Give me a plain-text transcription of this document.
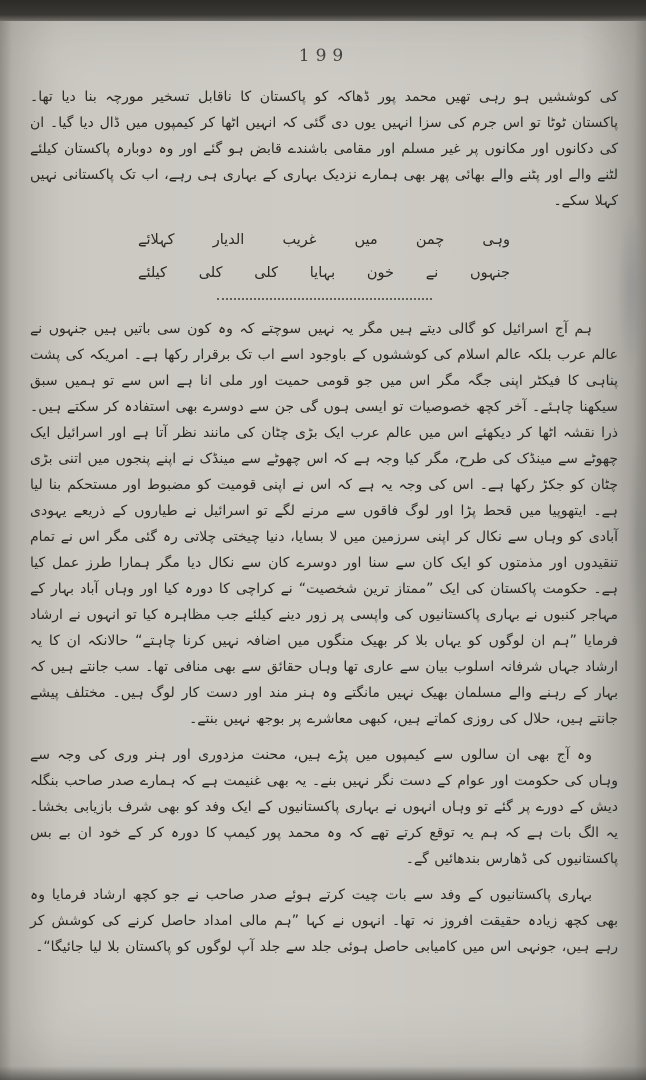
199

کی کوششیں ہو رہی تھیں محمد پور ڈھاکہ کو پاکستان کا ناقابل تسخیر مورچہ بنا دیا تھا۔ پاکستان ٹوٹا تو اس جرم کی سزا انہیں یوں دی گئی کہ انہیں اٹھا کر کیمپوں میں ڈال دیا گیا۔ ان کی دکانوں اور مکانوں پر غیر مسلم اور مقامی باشندے قابض ہو گئے اور وہ دوبارہ پاکستان کیلئے لٹنے والے اور پٹنے والے بھائی پھر بھی ہمارے نزدیک بہاری کے بہاری ہی رہے، اب تک پاکستانی نہیں کہلا سکے۔

وہی
چمن
میں
غریب
الدیار
کہلائے
جنہوں
نے
خون
بہایا
کلی
کلی
کیلئے

ہم آج اسرائیل کو گالی دیتے ہیں مگر یہ نہیں سوچتے کہ وہ کون سی باتیں ہیں جنہوں نے عالم عرب بلکہ عالم اسلام کی کوششوں کے باوجود اسے اب تک برقرار رکھا ہے۔ امریکہ کی پشت پناہی کا فیکٹر اپنی جگہ مگر اس میں جو قومی حمیت اور ملی انا ہے اس سے تو ہمیں سبق سیکھنا چاہئے۔ آخر کچھ خصوصیات تو ایسی ہوں گی جن سے دوسرے بھی استفادہ کر سکتے ہیں۔ ذرا نقشہ اٹھا کر دیکھئے اس میں عالم عرب ایک بڑی چٹان کی مانند نظر آتا ہے اور اسرائیل ایک چھوٹے سے مینڈک کی طرح، مگر کیا وجہ ہے کہ اس چھوٹے سے مینڈک نے اپنے پنجوں میں اتنی بڑی چٹان کو جکڑ رکھا ہے۔ اس کی وجہ یہ ہے کہ اس نے اپنی قومیت کو مضبوط اور مستحکم بنا لیا ہے۔ ایتھوپیا میں قحط پڑا اور لوگ فاقوں سے مرنے لگے تو اسرائیل نے طیاروں کے ذریعے یہودی آبادی کو وہاں سے نکال کر اپنی سرزمین میں لا بسایا، دنیا چیختی چلاتی رہ گئی مگر اس نے تمام تنقیدوں اور مذمتوں کو ایک کان سے سنا اور دوسرے کان سے نکال دیا مگر ہمارا طرز عمل کیا ہے۔ حکومت پاکستان کی ایک ”ممتاز ترین شخصیت“ نے کراچی کا دورہ کیا اور وہاں آباد بہار کے مہاجر کنبوں نے بہاری پاکستانیوں کی واپسی پر زور دینے کیلئے جب مظاہرہ کیا تو انہوں نے ارشاد فرمایا ”ہم ان لوگوں کو یہاں بلا کر بھیک منگوں میں اضافہ نہیں کرنا چاہتے“ حالانکہ ان کا یہ ارشاد جہاں شرفانہ اسلوب بیان سے عاری تھا وہاں حقائق سے بھی منافی تھا۔ سب جانتے ہیں کہ بہار کے رہنے والے مسلمان بھیک نہیں مانگتے وہ ہنر مند اور دست کار لوگ ہیں۔ مختلف پیشے جانتے ہیں، حلال کی روزی کماتے ہیں، کبھی معاشرے پر بوجھ نہیں بنتے۔

وہ آج بھی ان سالوں سے کیمپوں میں پڑے ہیں، محنت مزدوری اور ہنر وری کی وجہ سے وہاں کی حکومت اور عوام کے دست نگر نہیں بنے۔ یہ بھی غنیمت ہے کہ ہمارے صدر صاحب بنگلہ دیش کے دورے پر گئے تو وہاں انہوں نے بہاری پاکستانیوں کے ایک وفد کو بھی شرف بازیابی بخشا۔ یہ الگ بات ہے کہ ہم یہ توقع کرتے تھے کہ وہ محمد پور کیمپ کا دورہ کر کے خود ان بے بس پاکستانیوں کی ڈھارس بندھائیں گے۔

بہاری پاکستانیوں کے وفد سے بات چیت کرتے ہوئے صدر صاحب نے جو کچھ ارشاد فرمایا وہ بھی کچھ زیادہ حقیقت افروز نہ تھا۔ انہوں نے کہا ”ہم مالی امداد حاصل کرنے کی کوشش کر رہے ہیں، جونہی اس میں کامیابی حاصل ہوئی جلد سے جلد آپ لوگوں کو پاکستان بلا لیا جائیگا“۔
